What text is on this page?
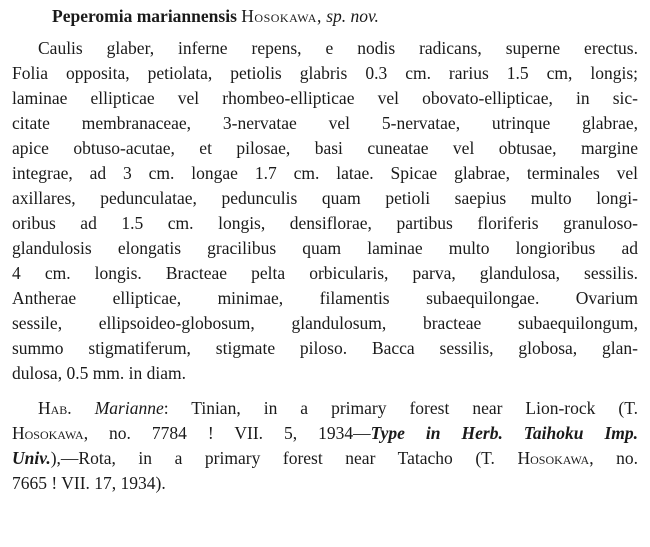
Peperomia mariannensis Hosokawa, sp. nov.
Caulis glaber, inferne repens, e nodis radicans, superne erectus.
Folia opposita, petiolata, petiolis glabris 0.3 cm. rarius 1.5 cm, longis;
laminae ellipticae vel rhombeo-ellipticae vel obovato-ellipticae, in sic-
citate membranaceae, 3-nervatae vel 5-nervatae, utrinque glabrae,
apice obtuso-acutae, et pilosae, basi cuneatae vel obtusae, margine
integrae, ad 3 cm. longae 1.7 cm. latae. Spicae glabrae, terminales vel
axillares, pedunculatae, pedunculis quam petioli saepius multo longi-
oribus ad 1.5 cm. longis, densiflorae, partibus floriferis granuloso-
glandulosis elongatis gracilibus quam laminae multo longioribus ad
4 cm. longis. Bracteae pelta orbicularis, parva, glandulosa, sessilis.
Antherae ellipticae, minimae, filamentis subaequilongae. Ovarium
sessile, ellipsoideo-globosum, glandulosum, bracteae subaequilongum,
summo stigmatiferum, stigmate piloso. Bacca sessilis, globosa, glan-
dulosa, 0.5 mm. in diam.
Hab. Marianne: Tinian, in a primary forest near Lion-rock (T.
Hosokawa, no. 7784 ! VII. 5, 1934—Type in Herb. Taihoku Imp.
Univ.),—Rota, in a primary forest near Tatacho (T. Hosokawa, no.
7665 ! VII. 17, 1934).
